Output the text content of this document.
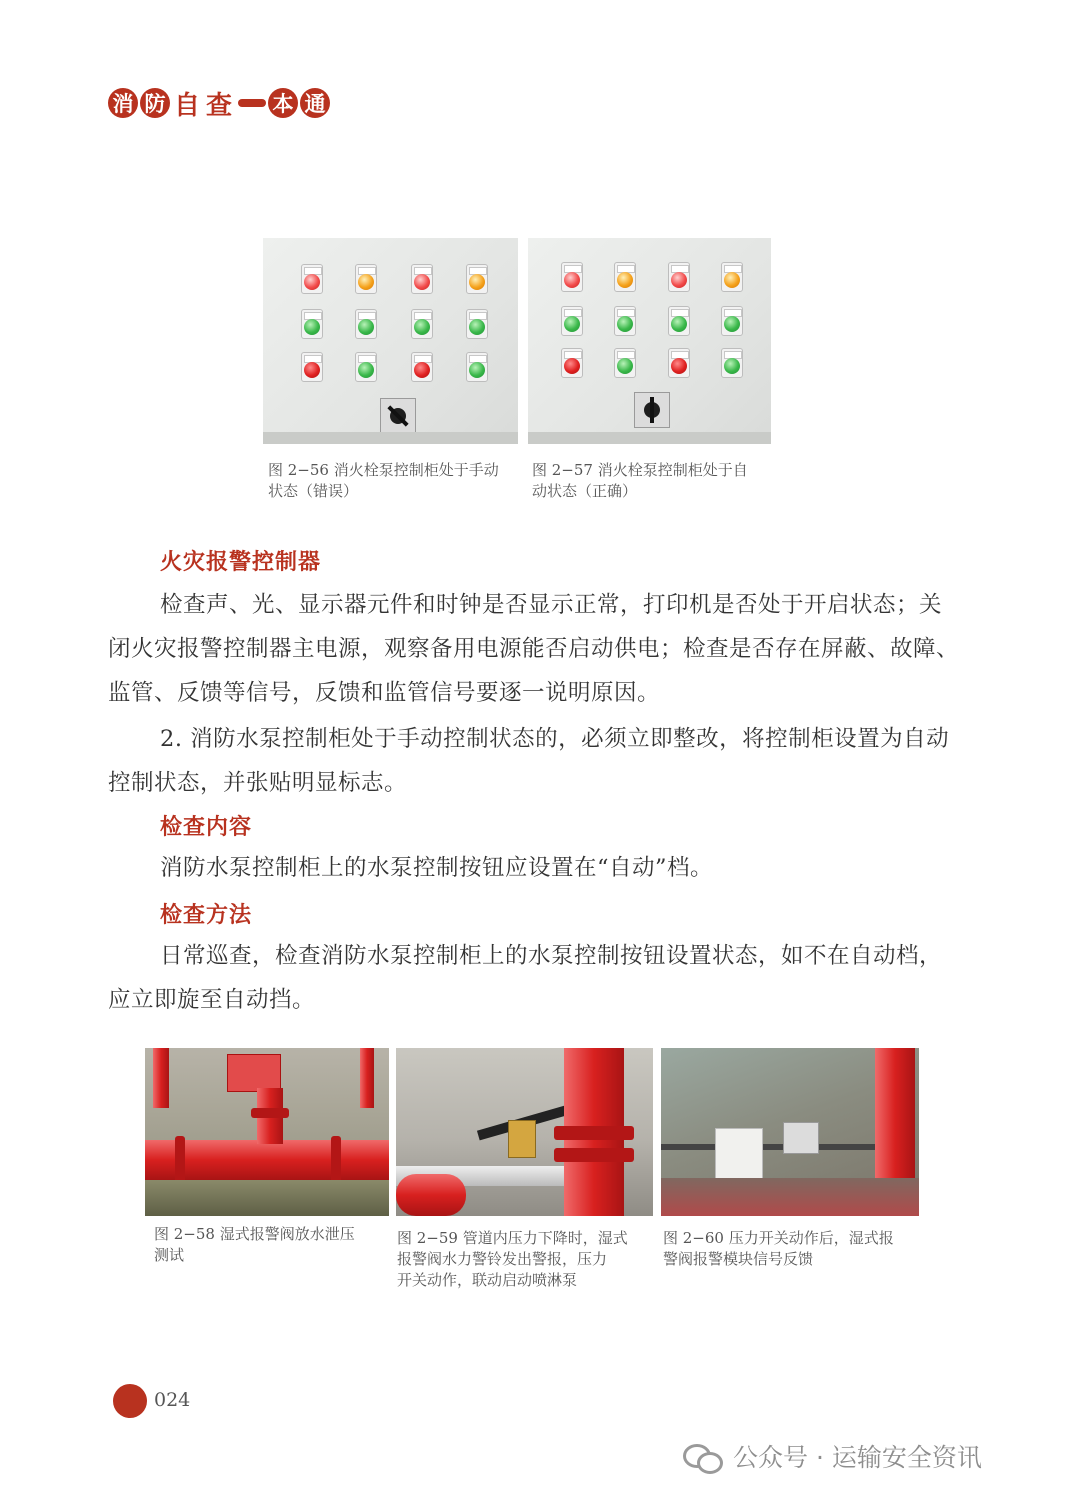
消 防 自 查 本 通
图 2−56 消火栓泵控制柜处于手动
状态（错误）
图 2−57 消火栓泵控制柜处于自
动状态（正确）
火灾报警控制器
检查声、光、显示器元件和时钟是否显示正常，打印机是否处于开启状态；关闭火灾报警控制器主电源，观察备用电源能否启动供电；检查是否存在屏蔽、故障、监管、反馈等信号，反馈和监管信号要逐一说明原因。
2. 消防水泵控制柜处于手动控制状态的，必须立即整改，将控制柜设置为自动控制状态，并张贴明显标志。
检查内容
消防水泵控制柜上的水泵控制按钮应设置在“自动”档。
检查方法
日常巡查，检查消防水泵控制柜上的水泵控制按钮设置状态，如不在自动档，应立即旋至自动挡。
图 2−58 湿式报警阀放水泄压
测试
图 2−59 管道内压力下降时，湿式
报警阀水力警铃发出警报，压力
开关动作，联动启动喷淋泵
图 2−60 压力开关动作后，湿式报
警阀报警模块信号反馈
024
公众号 · 运输安全资讯
